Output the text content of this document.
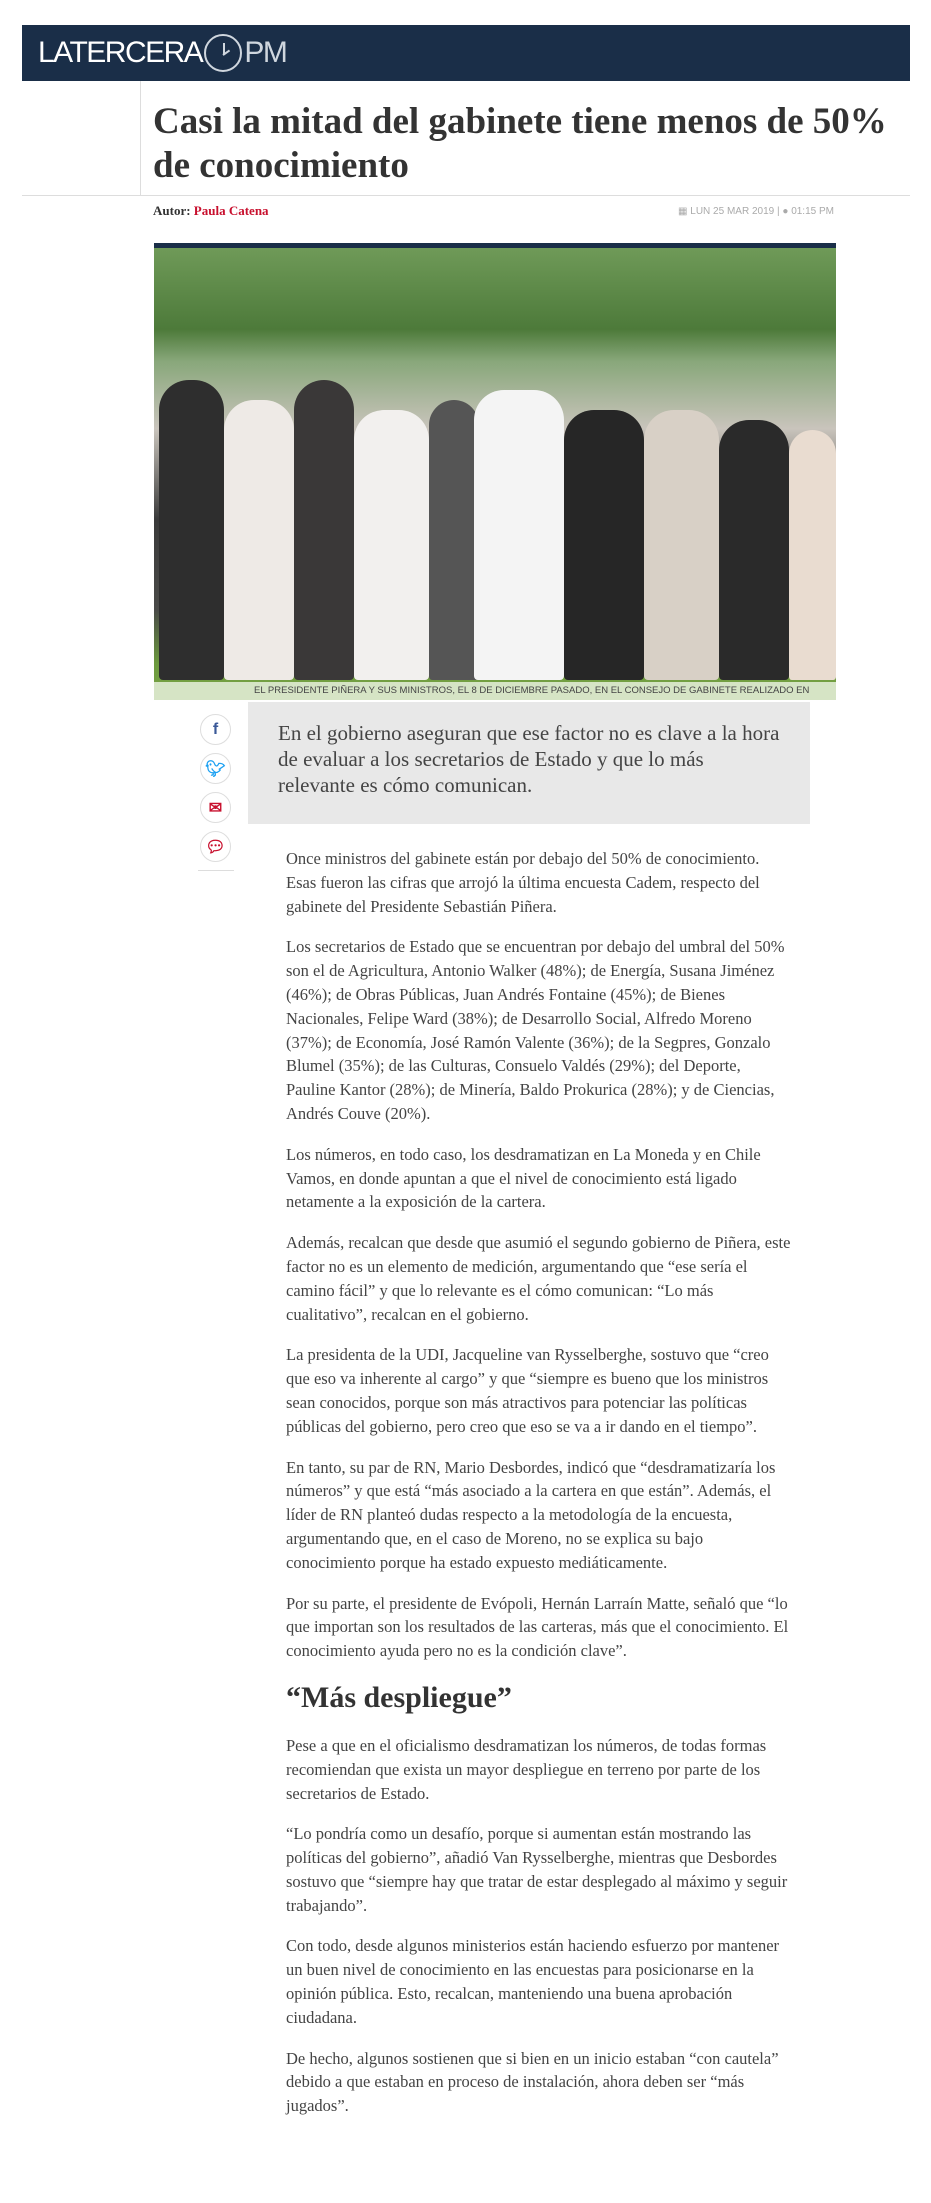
LATERCERA PM
Casi la mitad del gabinete tiene menos de 50% de conocimiento
Autor: Paula Catena	▦ LUN 25 MAR 2019 | ● 01:15 PM
EL PRESIDENTE PIÑERA Y SUS MINISTROS, EL 8 DE DICIEMBRE PASADO, EN EL CONSEJO DE GABINETE REALIZADO EN
f
🐦︎
✉
💬︎
En el gobierno aseguran que ese factor no es clave a la hora de evaluar a los secretarios de Estado y que lo más relevante es cómo comunican.

Once ministros del gabinete están por debajo del 50% de conocimiento. Esas fueron las cifras que arrojó la última encuesta Cadem, respecto del gabinete del Presidente Sebastián Piñera.

Los secretarios de Estado que se encuentran por debajo del umbral del 50% son el de Agricultura, Antonio Walker (48%); de Energía, Susana Jiménez (46%); de Obras Públicas, Juan Andrés Fontaine (45%); de Bienes Nacionales, Felipe Ward (38%); de Desarrollo Social, Alfredo Moreno (37%); de Economía, José Ramón Valente (36%); de la Segpres, Gonzalo Blumel (35%); de las Culturas, Consuelo Valdés (29%); del Deporte, Pauline Kantor (28%); de Minería, Baldo Prokurica (28%); y de Ciencias, Andrés Couve (20%).

Los números, en todo caso, los desdramatizan en La Moneda y en Chile Vamos, en donde apuntan a que el nivel de conocimiento está ligado netamente a la exposición de la cartera.

Además, recalcan que desde que asumió el segundo gobierno de Piñera, este factor no es un elemento de medición, argumentando que “ese sería el camino fácil” y que lo relevante es el cómo comunican: “Lo más cualitativo”, recalcan en el gobierno.

La presidenta de la UDI, Jacqueline van Rysselberghe, sostuvo que “creo que eso va inherente al cargo” y que “siempre es bueno que los ministros sean conocidos, porque son más atractivos para potenciar las políticas públicas del gobierno, pero creo que eso se va a ir dando en el tiempo”.

En tanto, su par de RN, Mario Desbordes, indicó que “desdramatizaría los números” y que está “más asociado a la cartera en que están”. Además, el líder de RN planteó dudas respecto a la metodología de la encuesta, argumentando que, en el caso de Moreno, no se explica su bajo conocimiento porque ha estado expuesto mediáticamente.

Por su parte, el presidente de Evópoli, Hernán Larraín Matte, señaló que “lo que importan son los resultados de las carteras, más que el conocimiento. El conocimiento ayuda pero no es la condición clave”.

“Más despliegue”

Pese a que en el oficialismo desdramatizan los números, de todas formas recomiendan que exista un mayor despliegue en terreno por parte de los secretarios de Estado.

“Lo pondría como un desafío, porque si aumentan están mostrando las políticas del gobierno”, añadió Van Rysselberghe, mientras que Desbordes sostuvo que “siempre hay que tratar de estar desplegado al máximo y seguir trabajando”.

Con todo, desde algunos ministerios están haciendo esfuerzo por mantener un buen nivel de conocimiento en las encuestas para posicionarse en la opinión pública. Esto, recalcan, manteniendo una buena aprobación ciudadana.

De hecho, algunos sostienen que si bien en un inicio estaban “con cautela” debido a que estaban en proceso de instalación, ahora deben ser “más jugados”.
